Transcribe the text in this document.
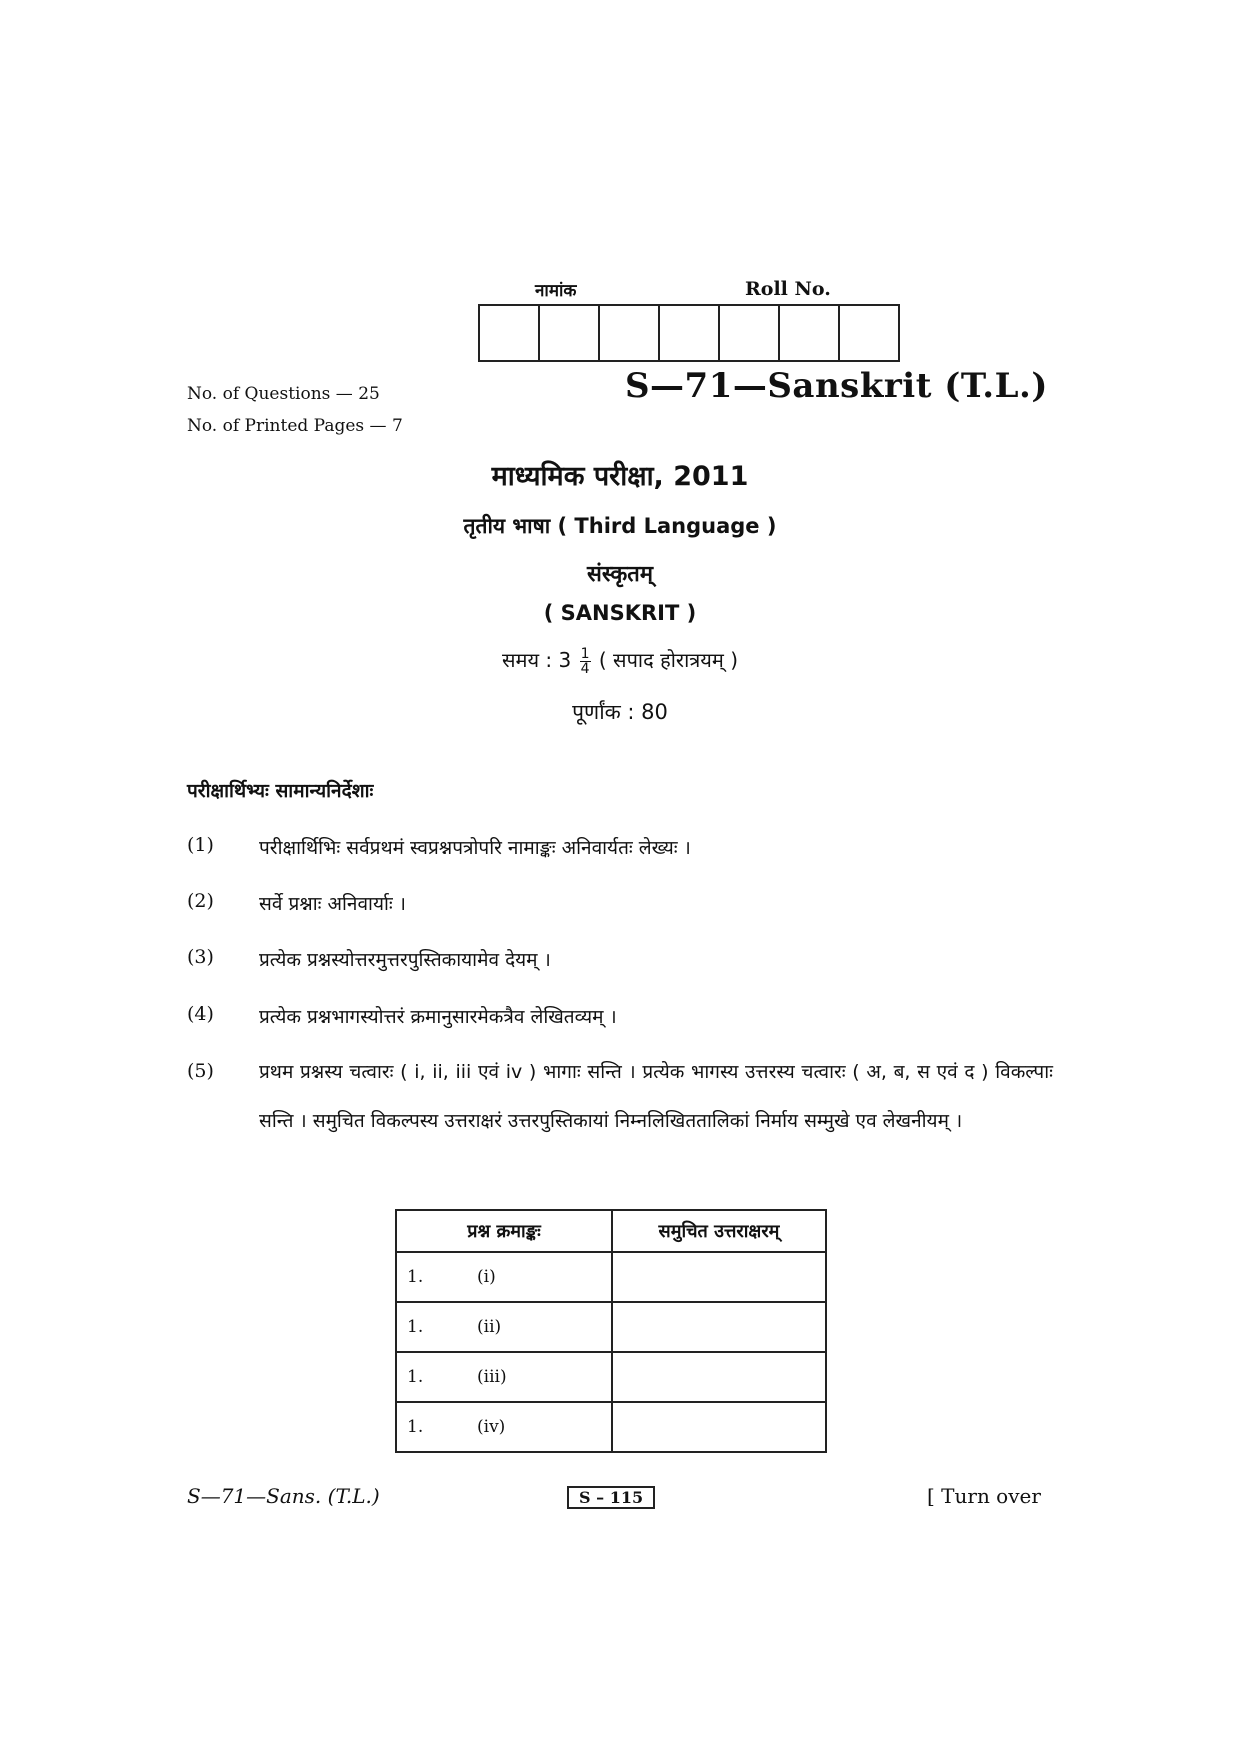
नामांक	Roll No.
No. of Questions — 25
No. of Printed Pages — 7
S—71—Sanskrit (T.L.)
माध्यमिक परीक्षा, 2011
तृतीय भाषा ( Third Language )
संस्कृतम्
( SANSKRIT )
समय : $3 \frac{1}{4}$ ( सपाद होरात्रयम् )
पूर्णांक : 80
परीक्षार्थिभ्यः सामान्यनिर्देशाः
(1) परीक्षार्थिभिः सर्वप्रथमं स्वप्रश्नपत्रोपरि नामाङ्कः अनिवार्यतः लेख्यः ।
(2) सर्वे प्रश्नाः अनिवार्याः ।
(3) प्रत्येक प्रश्नस्योत्तरमुत्तरपुस्तिकायामेव देयम् ।
(4) प्रत्येक प्रश्नभागस्योत्तरं क्रमानुसारमेकत्रैव लेखितव्यम् ।
(5) प्रथम प्रश्नस्य चत्वारः ( i, ii, iii एवं iv ) भागाः सन्ति । प्रत्येक भागस्य उत्तरस्य चत्वारः ( अ, ब, स एवं द ) विकल्पाः सन्ति । समुचित विकल्पस्य उत्तराक्षरं उत्तरपुस्तिकायां निम्नलिखिततालिकां निर्माय सम्मुखे एव लेखनीयम् ।
प्रश्न क्रमाङ्कः	समुचित उत्तराक्षरम्
1. (i)	
1. (ii)	
1. (iii)	
1. (iv)	
S—71—Sans. (T.L.)	S – 115	[ Turn over
